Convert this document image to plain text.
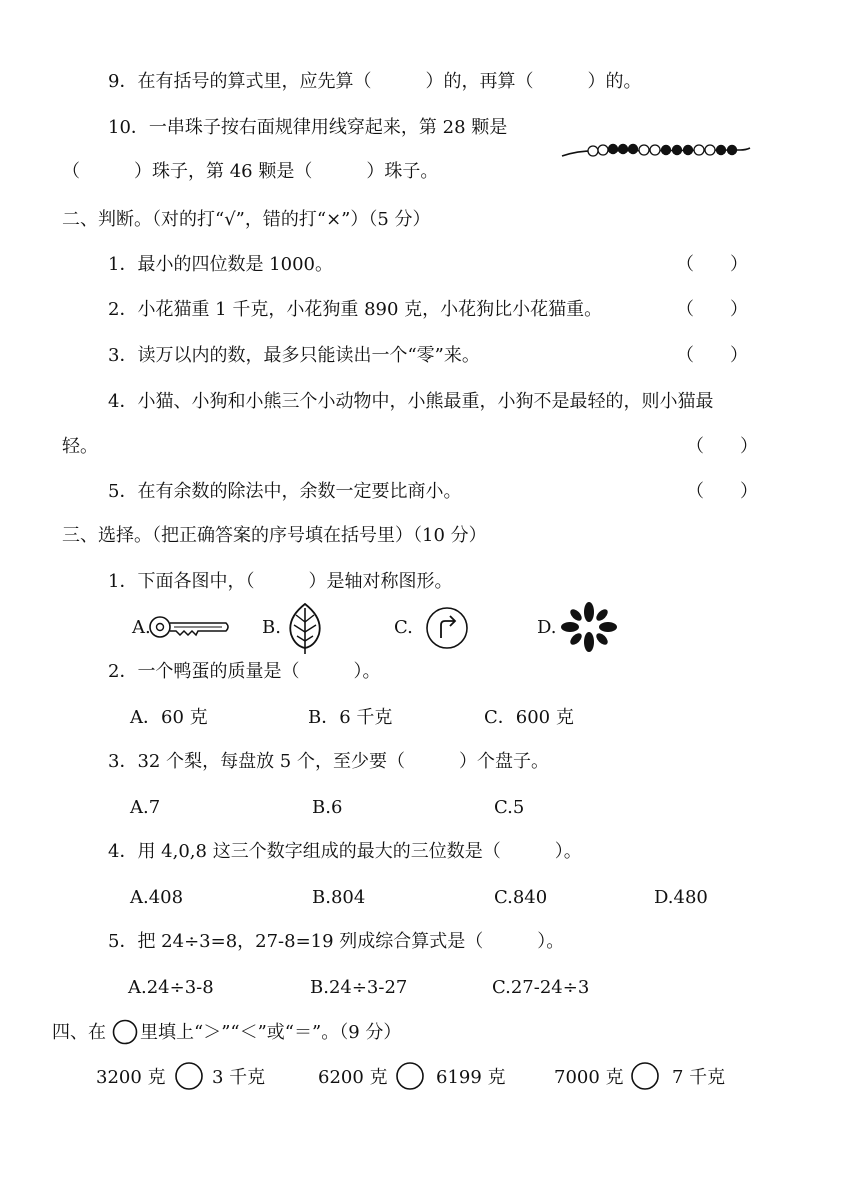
9．在有括号的算式里，应先算（　　　）的，再算（　　　）的。
10．一串珠子按右面规律用线穿起来，第 28 颗是
（　　　）珠子，第 46 颗是（　　　）珠子。
二、判断。（对的打“√”，错的打“×”）（5 分）
1．最小的四位数是 1000。	（　　）
2．小花猫重 1 千克，小花狗重 890 克，小花狗比小花猫重。	（　　）
3．读万以内的数，最多只能读出一个“零”来。	（　　）
4．小猫、小狗和小熊三个小动物中，小熊最重，小狗不是最轻的，则小猫最
轻。	（　　）
5．在有余数的除法中，余数一定要比商小。	（　　）
三、选择。（把正确答案的序号填在括号里）（10 分）
1．下面各图中，（　　　）是轴对称图形。
A.	B.	C.	D.
2．一个鸭蛋的质量是（　　　）。
A．60 克	B．6 千克	C．600 克
3．32 个梨，每盘放 5 个，至少要（　　　）个盘子。
A.7	B.6	C.5
4．用 4,0,8 这三个数字组成的最大的三位数是（　　　）。
A.408	B.804	C.840	D.480
5．把 24÷3=8，27-8=19 列成综合算式是（　　　）。
A.24÷3-8	B.24÷3-27	C.27-24÷3
四、在 里填上“＞”“＜”或“＝”。（9 分）
3200 克	3 千克	6200 克	6199 克	7000 克	7 千克
